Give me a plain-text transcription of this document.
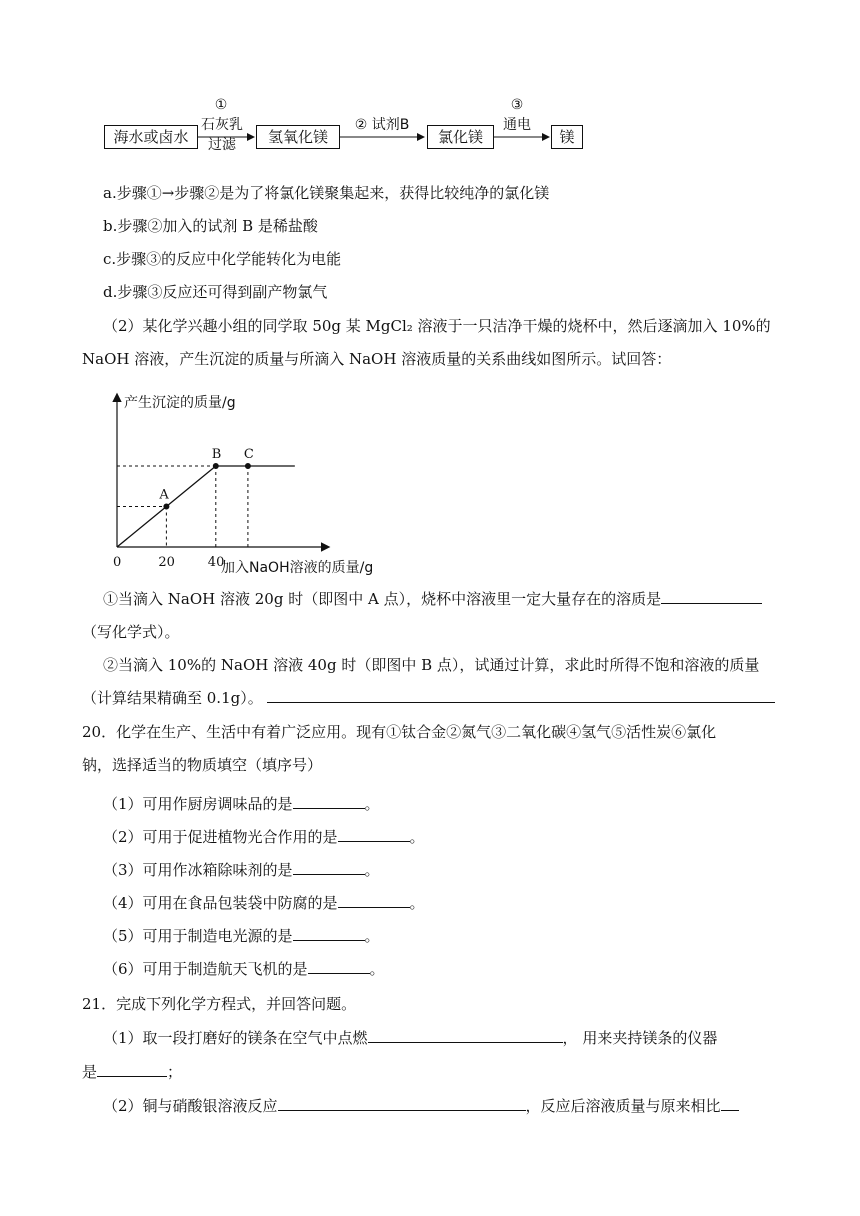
海水或卤水
①
石灰乳
过滤	氢氧化镁
② 试剂B
氯化镁
③
通电
镁
a.步骤①→步骤②是为了将氯化镁聚集起来，获得比较纯净的氯化镁
b.步骤②加入的试剂 B 是稀盐酸
c.步骤③的反应中化学能转化为电能
d.步骤③反应还可得到副产物氯气
（2）某化学兴趣小组的同学取 50g 某 MgCl₂ 溶液于一只洁净干燥的烧杯中，然后逐滴加入 10%的
NaOH 溶液，产生沉淀的质量与所滴入 NaOH 溶液质量的关系曲线如图所示。试回答：
产生沉淀的质量/g
加入NaOH溶液的质量/g
0
A
B C
20	40
①当滴入 NaOH 溶液 20g 时（即图中 A 点），烧杯中溶液里一定大量存在的溶质是
（写化学式）。
②当滴入 10%的 NaOH 溶液 40g 时（即图中 B 点），试通过计算，求此时所得不饱和溶液的质量
（计算结果精确至 0.1g）。
20．化学在生产、生活中有着广泛应用。现有①钛合金②氮气③二氧化碳④氢气⑤活性炭⑥氯化
钠，选择适当的物质填空（填序号）
（1）可用作厨房调味品的是	。
（2）可用于促进植物光合作用的是	。
（3）可用作冰箱除味剂的是	。
（4）可用在食品包装袋中防腐的是	。
（5）可用于制造电光源的是	。
（6）可用于制造航天飞机的是	。
21．完成下列化学方程式，并回答问题。
（1）取一段打磨好的镁条在空气中点燃	， 用来夹持镁条的仪器
是	；
（2）铜与硝酸银溶液反应	，反应后溶液质量与原来相比
